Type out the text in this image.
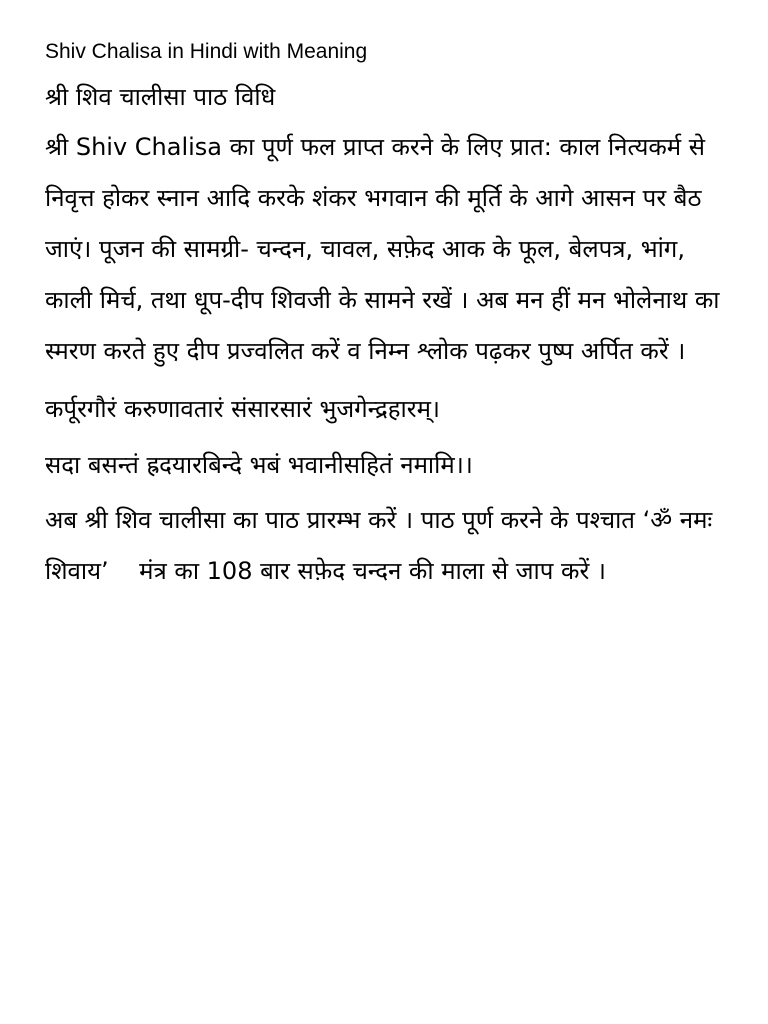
Shiv Chalisa in Hindi with Meaning
श्री शिव चालीसा पाठ विधि

श्री Shiv Chalisa का पूर्ण फल प्राप्त करने के लिए प्रात: काल नित्यकर्म से निवृत्त होकर स्नान आदि करके शंकर भगवान की मूर्ति के आगे आसन पर बैठ जाएं। पूजन की सामग्री- चन्दन, चावल, सफ़ेद आक के फूल, बेलपत्र, भांग, काली मिर्च, तथा धूप-दीप शिवजी के सामने रखें । अब मन हीं मन भोलेनाथ का स्मरण करते हुए दीप प्रज्वलित करें व निम्न श्लोक पढ़कर पुष्प अर्पित करें ।

कर्पूरगौरं करुणावतारं संसारसारं भुजगेन्द्रहारम्।
सदा बसन्तं ह्रदयारबिन्दे भबं भवानीसहितं नमामि।।

अब श्री शिव चालीसा का पाठ प्रारम्भ करें । पाठ पूर्ण करने के पश्चात ‘ॐ नमः शिवाय’    मंत्र का 108 बार सफ़ेद चन्दन की माला से जाप करें ।
